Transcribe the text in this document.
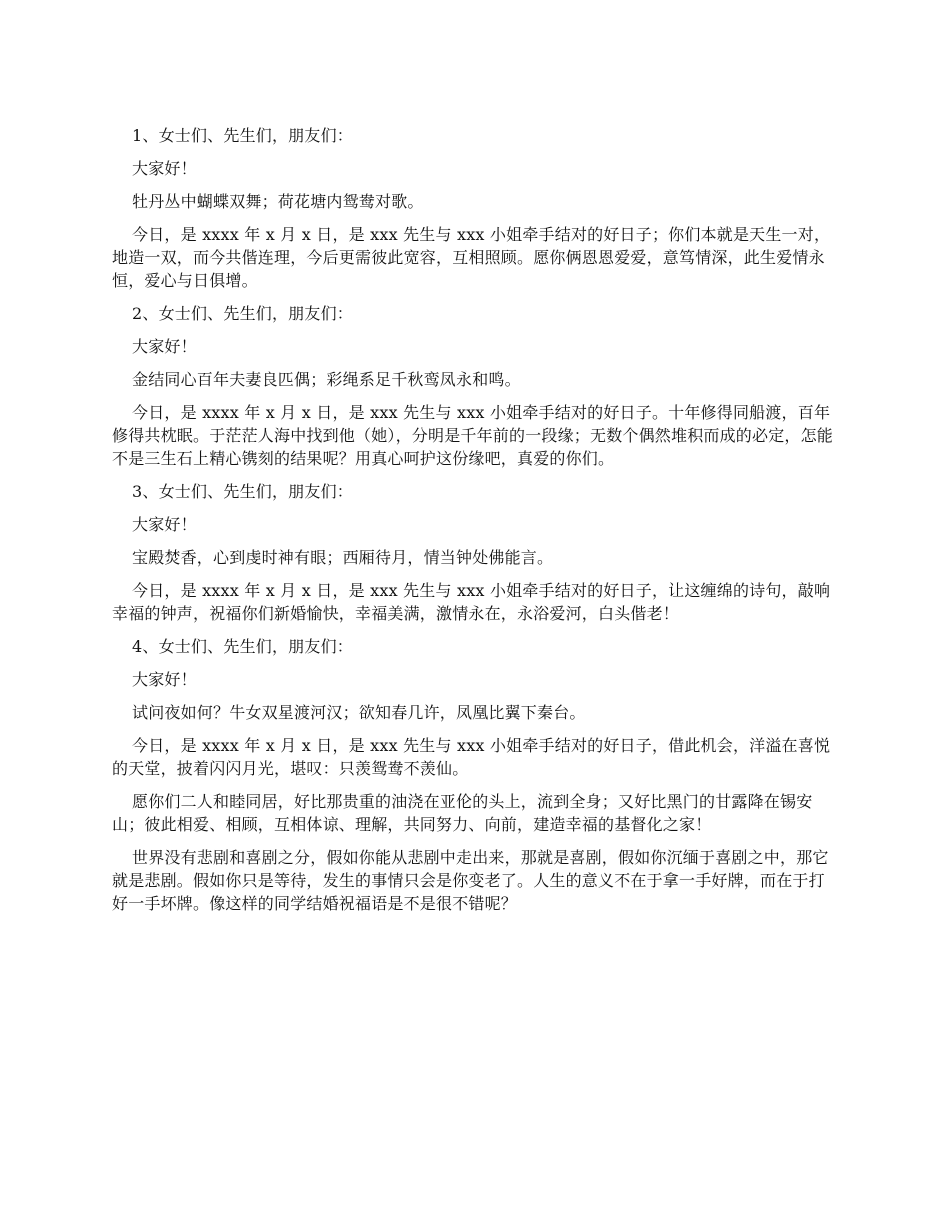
1、女士们、先生们，朋友们：

大家好！

牡丹丛中蝴蝶双舞；荷花塘内鸳鸯对歌。

今日，是 xxxx 年 x 月 x 日，是 xxx 先生与 xxx 小姐牵手结对的好日子；你们本就是天生一对，地造一双，而今共偕连理，今后更需彼此宽容，互相照顾。愿你俩恩恩爱爱，意笃情深，此生爱情永恒，爱心与日俱增。

2、女士们、先生们，朋友们：

大家好！

金结同心百年夫妻良匹偶；彩绳系足千秋鸾凤永和鸣。

今日，是 xxxx 年 x 月 x 日，是 xxx 先生与 xxx 小姐牵手结对的好日子。十年修得同船渡，百年修得共枕眠。于茫茫人海中找到他（她），分明是千年前的一段缘；无数个偶然堆积而成的必定，怎能不是三生石上精心镌刻的结果呢？用真心呵护这份缘吧，真爱的你们。

3、女士们、先生们，朋友们：

大家好！

宝殿焚香，心到虔时神有眼；西厢待月，情当钟处佛能言。

今日，是 xxxx 年 x 月 x 日，是 xxx 先生与 xxx 小姐牵手结对的好日子，让这缠绵的诗句，敲响幸福的钟声，祝福你们新婚愉快，幸福美满，激情永在，永浴爱河，白头偕老！

4、女士们、先生们，朋友们：

大家好！

试问夜如何？牛女双星渡河汉；欲知春几许，凤凰比翼下秦台。

今日，是 xxxx 年 x 月 x 日，是 xxx 先生与 xxx 小姐牵手结对的好日子，借此机会，洋溢在喜悦的天堂，披着闪闪月光，堪叹：只羡鸳鸯不羡仙。

愿你们二人和睦同居，好比那贵重的油浇在亚伦的头上，流到全身；又好比黑门的甘露降在锡安山；彼此相爱、相顾，互相体谅、理解，共同努力、向前，建造幸福的基督化之家！

世界没有悲剧和喜剧之分，假如你能从悲剧中走出来，那就是喜剧，假如你沉缅于喜剧之中，那它就是悲剧。假如你只是等待，发生的事情只会是你变老了。人生的意义不在于拿一手好牌，而在于打好一手坏牌。像这样的同学结婚祝福语是不是很不错呢？
